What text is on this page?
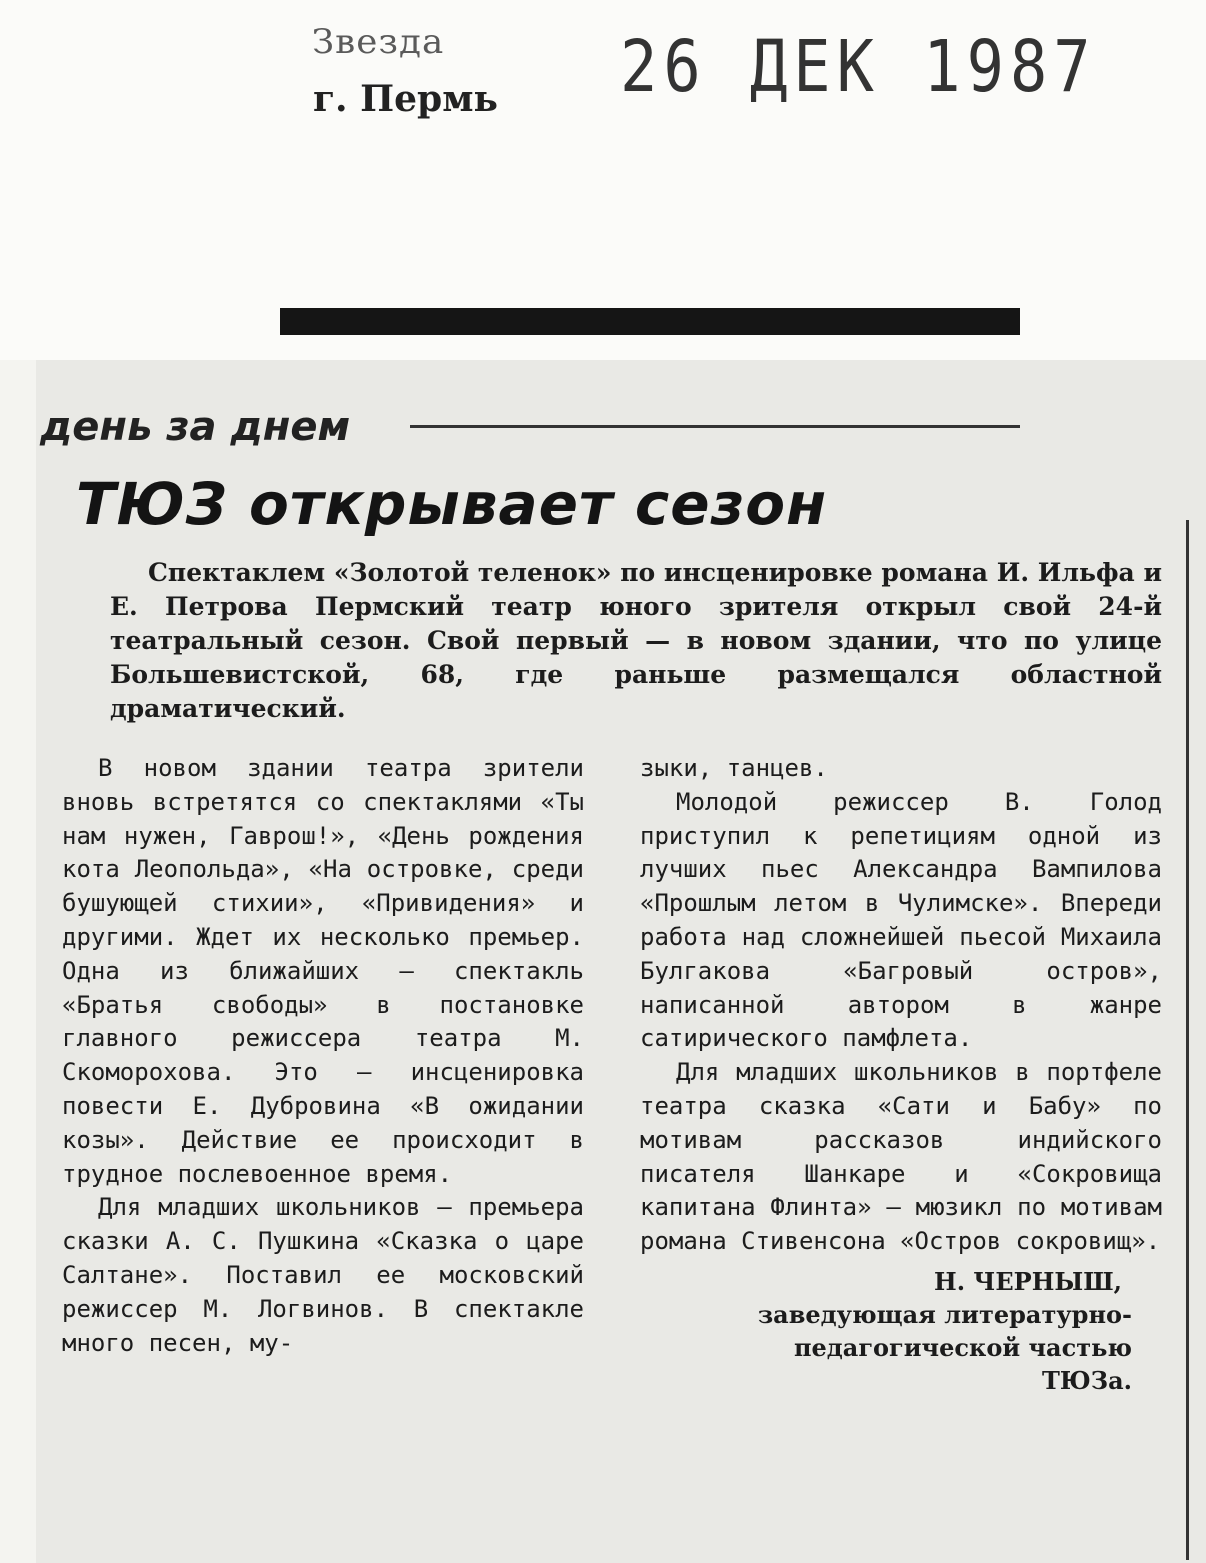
Звезда
г. Пермь 26 ДЕК 1987
день за днем
ТЮЗ открывает сезон

Спектаклем «Золотой теленок» по инсценировке романа И. Ильфа и Е. Петрова Пермский театр юного зрителя открыл свой 24-й театральный сезон. Свой первый — в новом здании, что по улице Большевистской, 68, где раньше размещался областной драматический.

В новом здании театра зрители вновь встретятся со спектаклями «Ты нам нужен, Гаврош!», «День рождения кота Леопольда», «На островке, среди бушующей стихии», «Привидения» и другими. Ждет их несколько премьер. Одна из ближайших — спектакль «Братья свободы» в постановке главного режиссера театра М. Скоморохова. Это — инсценировка повести Е. Дубровина «В ожидании козы». Действие ее происходит в трудное послевоенное время.

Для младших школьников — премьера сказки А. С. Пушкина «Сказка о царе Салтане». Поставил ее московский режиссер М. Логвинов. В спектакле много песен, му-

зыки, танцев.

Молодой режиссер В. Голод приступил к репетициям одной из лучших пьес Александра Вампилова «Прошлым летом в Чулимске». Впереди работа над сложнейшей пьесой Михаила Булгакова «Багровый остров», написанной автором в жанре сатирического памфлета.

Для младших школьников в портфеле театра сказка «Сати и Бабу» по мотивам рассказов индийского писателя Шанкаре и «Сокровища капитана Флинта» — мюзикл по мотивам романа Стивенсона «Остров сокровищ».

Н. ЧЕРНЫШ,
заведующая литературно-
педагогической частью
ТЮЗа.
